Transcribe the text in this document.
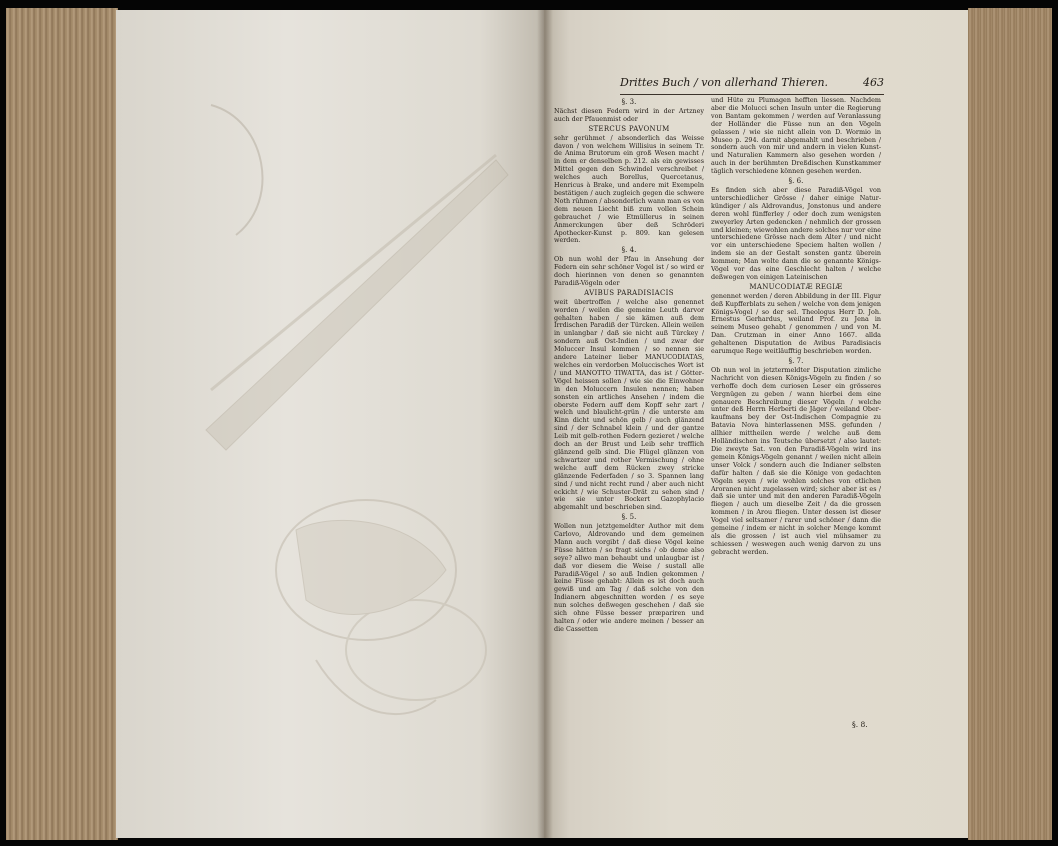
Drittes Buch / von allerhand Thieren.	463
§. 3.

Nächst diesen Federn wird in der Artzney auch der Pfauenmist oder

STERCUS PAVONUM

sehr gerühmet / absonderlich das Weisse davon / von welchem Willisius in seinem Tr. de Anima Brutorum ein groß Wesen macht / in dem er denselben p. 212. als ein gewisses Mittel gegen den Schwindel verschreibet / welches auch Borellus, Quercetanus, Henricus à Brake, und andere mit Exempeln bestätigen / auch zugleich gegen die schwere Noth rühmen / absonderlich wann man es von dem neuen Liecht biß zum vollen Schein gebrauchet / wie Etmüllerus in seinen Anmerckungen über deß Schröderi Apothecker-Kunst p. 809. kan gelesen werden.

§. 4.

Ob nun wohl der Pfau in Ansehung der Federn ein sehr schöner Vogel ist / so wird er doch hierinnen von denen so genannten Paradiß-Vögeln oder

AVIBUS PARADISIACIS

weit übertroffen / welche also genennet worden / weilen die gemeine Leuth darvor gehalten haben / sie kämen auß dem Irrdischen Paradiß der Türcken. Allein weilen in unlangbar / daß sie nicht auß Türckey / sondern auß Ost-Indien / und zwar der Moluccer Insul kommen / so nennen sie andere Lateiner lieber MANUCODIATAS, welches ein verdorben Moluccisches Wort ist / und MANOTTO TIWATTA, das ist / Götter-Vögel heissen sollen / wie sie die Einwohner in den Moluccern Insulen nennen; haben sonsten ein artliches Ansehen / indem die oberste Federn auff dem Kopff sehr zart / welch und blaulicht-grün / die unterste am Kinn dicht und schön gelb / auch glänzend sind / der Schnabel klein / und der gantze Leib mit gelb-rothen Federn gezieret / welche doch an der Brust und Leib sehr trefflich glänzend gelb sind. Die Flügel glänzen von schwartzer und rother Vermischung / ohne welche auff dem Rücken zwey stricke glänzende Federfaden / so 3. Spannen lang sind / und nicht recht rund / aber auch nicht eckicht / wie Schuster-Drät zu sehen sind / wie sie unter Bockert Gazophylacio abgemahlt und beschrieben sind.

§. 5.

Wollen nun jetztgemeldter Author mit dem Carlovo, Aldrovando und dem gemeinen Mann auch vorgibt / daß diese Vögel keine Füsse hätten / so fragt sichs / ob deme also seye? allwo man behaubt und unlaugbar ist / daß vor diesem die Weise / sustall alle Paradiß-Vögel / so auß Indien gekommen / keine Füsse gehabt: Allein es ist doch auch gewiß und am Tag / daß solche von den Indianern abgeschnitten worden / es seye nun solches deßwegen geschehen / daß sie sich ohne Füsse besser præpariren und halten / oder wie andere meinen / besser an die Cassetten

und Hüte zu Plumagen hefften liessen. Nachdem aber die Molucci schen Insuln unter die Regierung von Bantam gekommen / werden auf Veranlassung der Holländer die Füsse nun an den Vögeln gelassen / wie sie nicht allein von D. Wormio in Museo p. 294. darnit abgemahlt und beschrieben / sondern auch von mir und andern in vielen Kunst- und Naturalien Kammern also gesehen worden / auch in der berühmten Dreßdischen Kunstkammer täglich verschiedene können gesehen werden.

§. 6.

Es finden sich aber diese Paradiß-Vögel von unterschiedlicher Grösse / daher einige Natur-kündiger / als Aldrovandus, Jonstonus und andere deren wohl fünfferley / oder doch zum wenigsten zweyerley Arten gedencken / nehmlich der grossen und kleinen; wiewohlen andere solches nur vor eine unterschiedene Grösse nach dem Alter / und nicht vor ein unterschiedene Speciem halten wollen / indem sie an der Gestalt sonsten gantz überein kommen; Man wolte dann die so genannte Königs-Vögel vor das eine Geschlecht halten / welche deßwegen von einigen Lateinischen

MANUCODIATÆ REGIÆ

genennet werden / deren Abbildung in der III. Figur deß Kupfferblats zu sehen / welche von dem jenigen Königs-Vogel / so der sel. Theologus Herr D. Joh. Ernestus Gerhardus, weiland Prof. zu Jena in seinem Museo gehabt / genommen / und von M. Dan. Crutzman in einer Anno 1667. allda gehaltenen Disputation de Avibus Paradisiacis earumque Rege weitläufftig beschrieben worden.

§. 7.

Ob nun wol in jetztermeldter Disputation zimliche Nachricht von diesen Königs-Vögeln zu finden / so verhoffe doch dem curiosen Leser ein grösseres Vergnügen zu geben / wann hierbei dem eine genauere Beschreibung dieser Vögeln / welche unter deß Herrn Herberti de Jäger / weiland Ober-kaufmans bey der Ost-Indischen Compagnie zu Batavia Nova hinterlassenen MSS. gefunden / allhier mittheilen werde / welche auß dem Holländischen ins Teutsche übersetzt / also lautet: Die zweyte Sat. von den Paradiß-Vögeln wird ins gemein Königs-Vögeln genannt / weilen nicht allein unser Volck / sondern auch die Indianer selbsten dafür halten / daß sie die Könige von gedachten Vögeln seyen / wie wohlen solches von etlichen Aroranen nicht zugelassen wird; sicher aber ist es / daß sie unter und mit den anderen Paradiß-Vögeln fliegen / auch um dieselbe Zeit / da die grossen kommen / in Arou fliegen. Unter dessen ist dieser Vogel viel seltsamer / rarer und schöner / dann die gemeine / indem er nicht in solcher Menge kommt als die grossen / ist auch viel mühsamer zu schiessen / weswegen auch wenig darvon zu uns gebracht werden.

§. 8.
